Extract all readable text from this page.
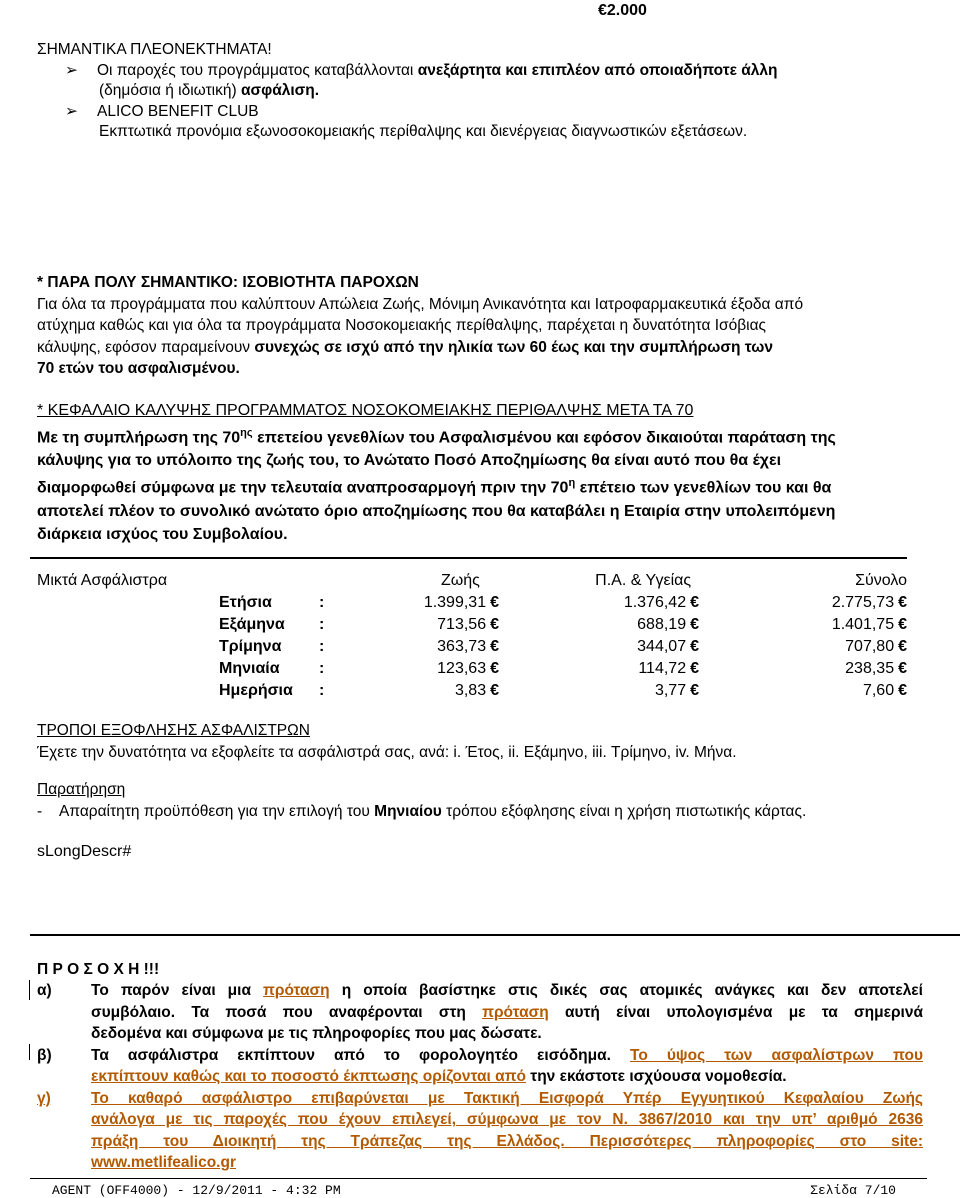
€2.000
ΣΗΜΑΝΤΙΚΑ ΠΛΕΟΝΕΚΤΗΜΑΤΑ!
➢ Οι παροχές του προγράμματος καταβάλλονται ανεξάρτητα και επιπλέον από οποιαδήποτε άλλη
(δημόσια ή ιδιωτική) ασφάλιση.
➢ ALICO BENEFIT CLUB
Εκπτωτικά προνόμια εξωνοσοκομειακής περίθαλψης και διενέργειας διαγνωστικών εξετάσεων.
* ΠΑΡΑ ΠΟΛΥ ΣΗΜΑΝΤΙΚΟ: ΙΣΟΒΙΟΤΗΤΑ ΠΑΡΟΧΩΝ
Για όλα τα προγράμματα που καλύπτουν Απώλεια Ζωής, Μόνιμη Ανικανότητα και Ιατροφαρμακευτικά έξοδα από
ατύχημα καθώς και για όλα τα προγράμματα Νοσοκομειακής περίθαλψης, παρέχεται η δυνατότητα Ισόβιας
κάλυψης, εφόσον παραμείνουν συνεχώς σε ισχύ από την ηλικία των 60 έως και την συμπλήρωση των
70 ετών του ασφαλισμένου.
* ΚΕΦΑΛΑΙΟ ΚΑΛΥΨΗΣ ΠΡΟΓΡΑΜΜΑΤΟΣ ΝΟΣΟΚΟΜΕΙΑΚΗΣ ΠΕΡΙΘΑΛΨΗΣ ΜΕΤΑ ΤΑ 70
Με τη συμπλήρωση της $70^{\eta\varsigma}$ επετείου γενεθλίων του Ασφαλισμένου και εφόσον δικαιούται παράταση της
κάλυψης για το υπόλοιπο της ζωής του, το Ανώτατο Ποσό Αποζημίωσης θα είναι αυτό που θα έχει
διαμορφωθεί σύμφωνα με την τελευταία αναπροσαρμογή πριν την $70^\eta$ επέτειο των γενεθλίων του και θα
αποτελεί πλέον το συνολικό ανώτατο όριο αποζημίωσης που θα καταβάλει η Εταιρία στην υπολειπόμενη
διάρκεια ισχύος του Συμβολαίου.
Μικτά Ασφάλιστρα			Ζωής	Π.Α. & Υγείας	Σύνολο
	Ετήσια	:	1.399,31 €	1.376,42 €	2.775,73 €
	Εξάμηνα	:	713,56 €	688,19 €	1.401,75 €
	Τρίμηνα	:	363,73 €	344,07 €	707,80 €
	Μηνιαία	:	123,63 €	114,72 €	238,35 €
	Ημερήσια	:	3,83 €	3,77 €	7,60 €
ΤΡΟΠΟΙ ΕΞΟΦΛΗΣΗΣ ΑΣΦΑΛΙΣΤΡΩΝ
Έχετε την δυνατότητα να εξοφλείτε τα ασφάλιστρά σας, ανά: i. Έτος, ii. Εξάμηνο, iii. Τρίμηνο, iv. Μήνα.
Παρατήρηση
- Απαραίτητη προϋπόθεση για την επιλογή του Μηνιαίου τρόπου εξόφλησης είναι η χρήση πιστωτικής κάρτας.
sLongDescr#
Π Ρ Ο Σ Ο Χ Η !!!
α)	Το παρόν είναι μια πρόταση η οποία βασίστηκε στις δικές σας ατομικές ανάγκες και δεν αποτελεί
συμβόλαιο. Τα ποσά που αναφέρονται στη πρόταση αυτή είναι υπολογισμένα με τα σημερινά
δεδομένα και σύμφωνα με τις πληροφορίες που μας δώσατε.
β)	Τα ασφάλιστρα εκπίπτουν από το φορολογητέο εισόδημα. Το ύψος των ασφαλίστρων που
εκπίπτουν καθώς και το ποσοστό έκπτωσης ορίζονται από την εκάστοτε ισχύουσα νομοθεσία.
γ)	Το καθαρό ασφάλιστρο επιβαρύνεται με Τακτική Εισφορά Υπέρ Εγγυητικού Κεφαλαίου Ζωής
ανάλογα με τις παροχές που έχουν επιλεγεί, σύμφωνα με τον Ν. 3867/2010 και την υπ’ αριθμό 2636
πράξη του Διοικητή της Τράπεζας της Ελλάδος. Περισσότερες πληροφορίες στο site:
www.metlifealico.gr
AGENT (OFF4000) - 12/9/2011 - 4:32 PM	Σελίδα 7/10
